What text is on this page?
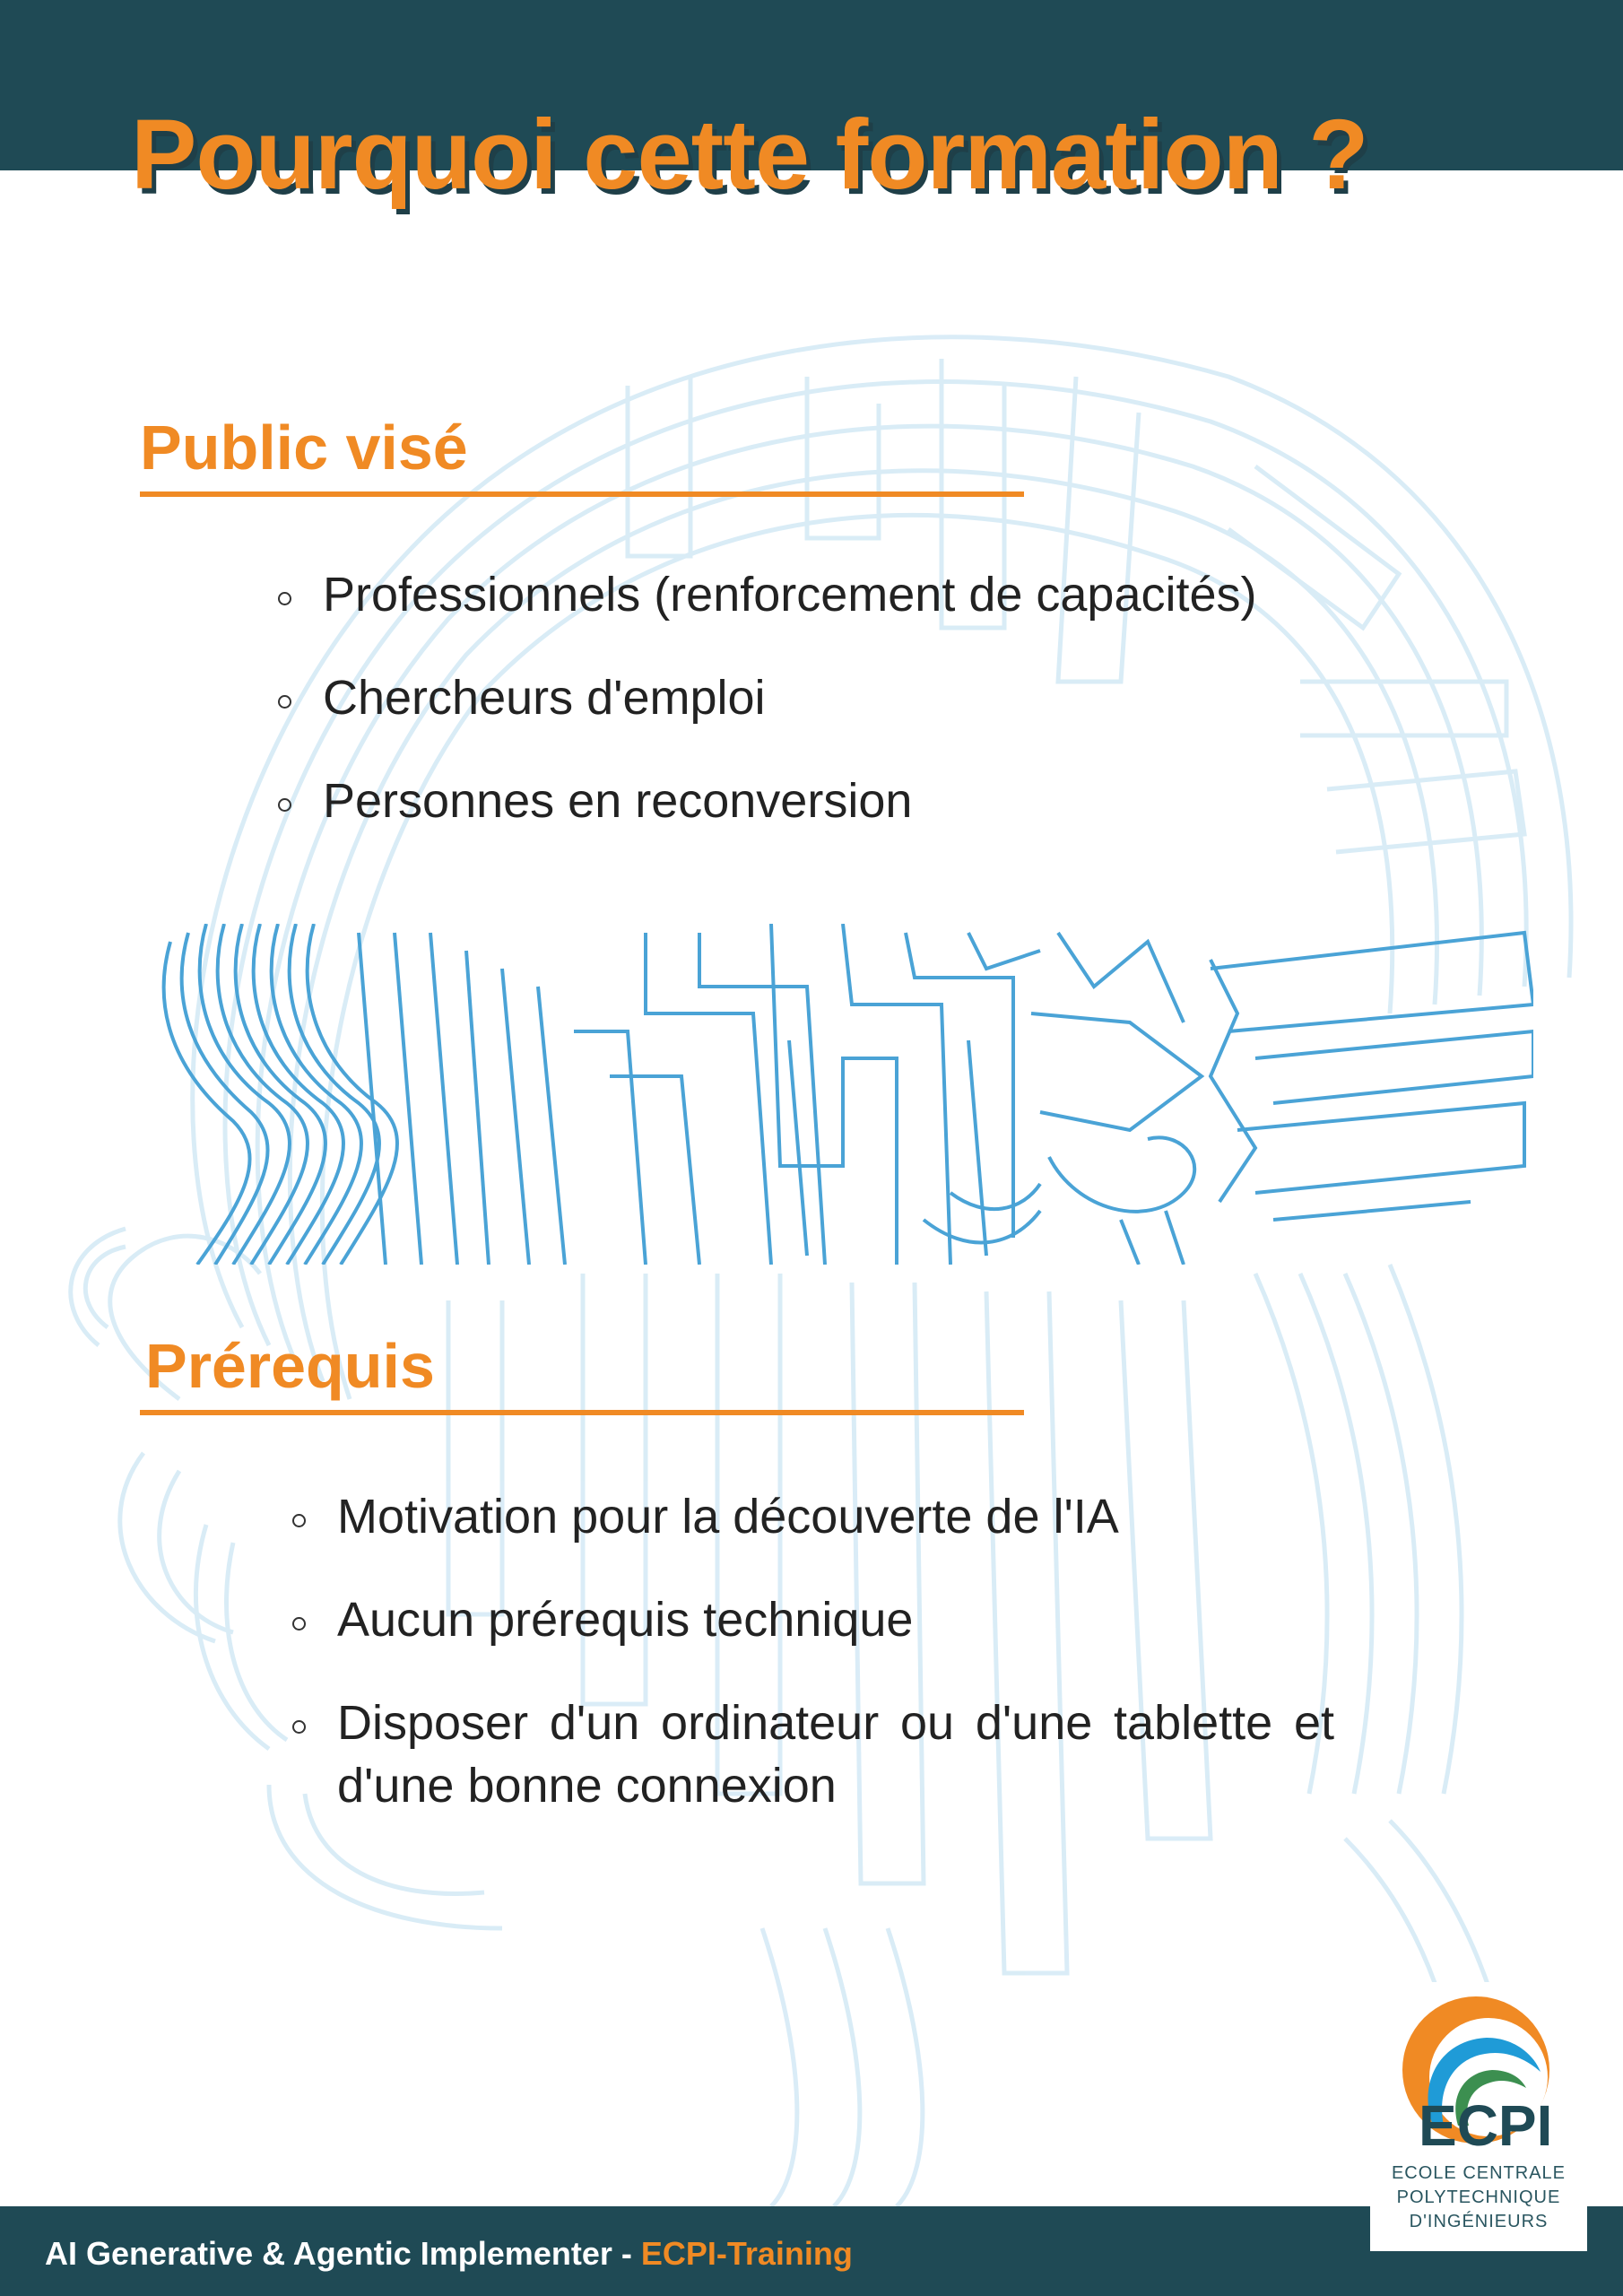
Pourquoi cette formation ?
Public visé
Professionnels (renforcement de capacités)
Chercheurs d'emploi
Personnes en reconversion
Prérequis
Motivation pour la découverte de l'IA
Aucun prérequis technique
Disposer d'un ordinateur ou d'une tablette et d'une bonne connexion
AI Generative & Agentic Implementer - ECPI-Training
ECPI
ECOLE CENTRALE
POLYTECHNIQUE
D'INGÉNIEURS
